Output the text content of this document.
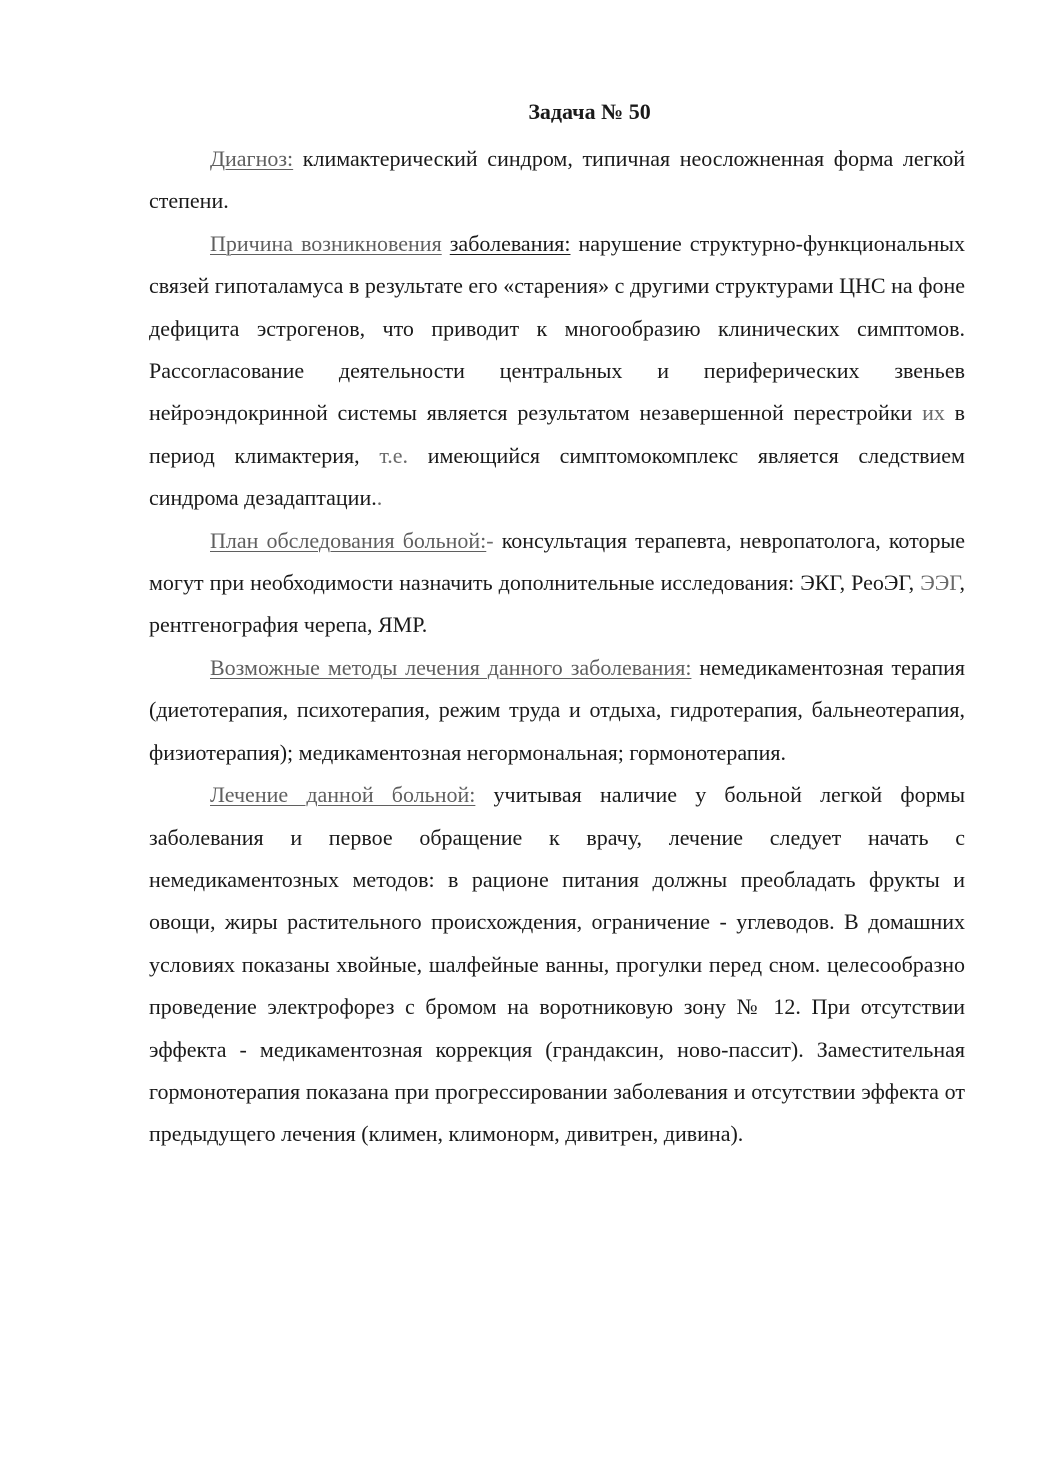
Задача № 50

Диагноз: климактерический синдром, типичная неосложненная форма легкой степени.

Причина возникновения заболевания: нарушение структурно-функциональных связей гипоталамуса в результате его «старения» с другими структурами ЦНС на фоне дефицита эстрогенов, что приводит к многообразию клинических симптомов. Рассогласование деятельности центральных и периферических звеньев нейроэндокринной системы является результатом незавершенной перестройки их в период климактерия, т.е. имеющийся симптомокомплекс является следствием синдрома дезадаптации..

План обследования больной:- консультация терапевта, невропатолога, которые могут при необходимости назначить дополнительные исследования: ЭКГ, РеоЭГ, ЭЭГ, рентгенография черепа, ЯМР.

Возможные методы лечения данного заболевания: немедикаментозная терапия (диетотерапия, психотерапия, режим труда и отдыха, гидротерапия, бальнеотерапия, физиотерапия); медикаментозная негормональная; гормонотерапия.

Лечение данной больной: учитывая наличие у больной легкой формы заболевания и первое обращение к врачу, лечение следует начать с немедикаментозных методов: в рационе питания должны преобладать фрукты и овощи, жиры растительного происхождения, ограничение - углеводов. В домашних условиях показаны хвойные, шалфейные ванны, прогулки перед сном. целесообразно проведение электрофорез с бромом на воротниковую зону № 12. При отсутствии эффекта - медикаментозная коррекция (грандаксин, ново-пассит). Заместительная гормонотерапия показана при прогрессировании заболевания и отсутствии эффекта от предыдущего лечения (климен, климонорм, дивитрен, дивина).
